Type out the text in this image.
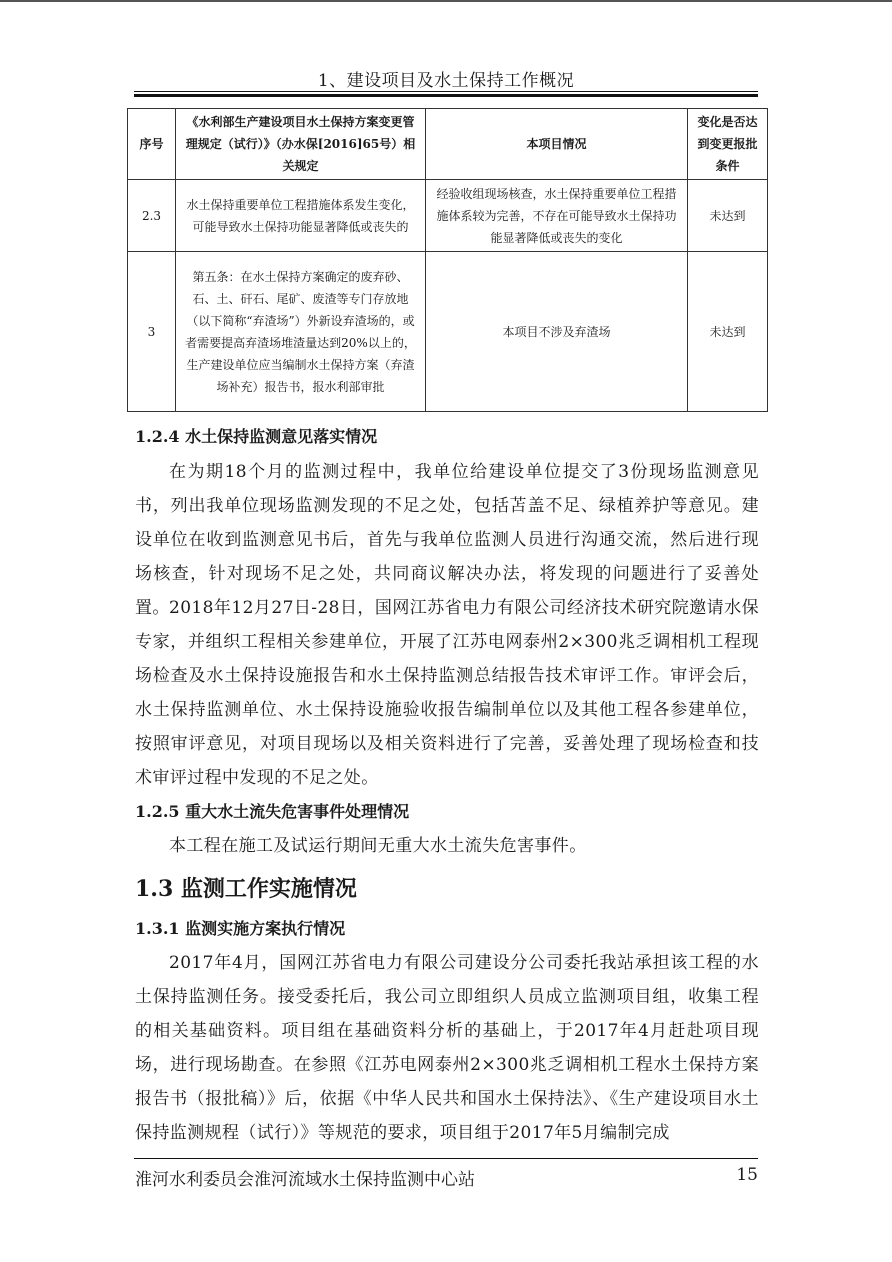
1、建设项目及水土保持工作概况
序号	《水利部生产建设项目水土保持方案变更管理规定（试行）》（办水保[2016]65号）相关规定	本项目情况	变化是否达到变更报批条件
2.3	水土保持重要单位工程措施体系发生变化，可能导致水土保持功能显著降低或丧失的	经验收组现场核查，水土保持重要单位工程措施体系较为完善，不存在可能导致水土保持功能显著降低或丧失的变化	未达到
3	第五条：在水土保持方案确定的废弃砂、石、土、矸石、尾矿、废渣等专门存放地（以下简称“弃渣场”）外新设弃渣场的，或者需要提高弃渣场堆渣量达到20%以上的，生产建设单位应当编制水土保持方案（弃渣场补充）报告书，报水利部审批	本项目不涉及弃渣场	未达到
1.2.4 水土保持监测意见落实情况
在为期18个月的监测过程中，我单位给建设单位提交了3份现场监测意见书，列出我单位现场监测发现的不足之处，包括苫盖不足、绿植养护等意见。建设单位在收到监测意见书后，首先与我单位监测人员进行沟通交流，然后进行现场核查，针对现场不足之处，共同商议解决办法，将发现的问题进行了妥善处置。 2018年12月27日-28日，国网江苏省电力有限公司经济技术研究院邀请水保专家，并组织工程相关参建单位，开展了江苏电网泰州2×300兆乏调相机工程现场检查及水土保持设施报告和水土保持监测总结报告技术审评工作。审评会后，水土保持监测单位、水土保持设施验收报告编制单位以及其他工程各参建单位，按照审评意见，对项目现场以及相关资料进行了完善，妥善处理了现场检查和技术审评过程中发现的不足之处。
1.2.5 重大水土流失危害事件处理情况
本工程在施工及试运行期间无重大水土流失危害事件。
1.3 监测工作实施情况
1.3.1 监测实施方案执行情况
2017年4月，国网江苏省电力有限公司建设分公司委托我站承担该工程的水土保持监测任务。接受委托后，我公司立即组织人员成立监测项目组，收集工程的相关基础资料。项目组在基础资料分析的基础上，于2017年4月赶赴项目现场，进行现场勘查。在参照《江苏电网泰州2×300兆乏调相机工程水土保持方案报告书（报批稿）》后，依据《中华人民共和国水土保持法》、《生产建设项目水土保持监测规程（试行）》等规范的要求，项目组于2017年5月编制完成
淮河水利委员会淮河流域水土保持监测中心站	15
